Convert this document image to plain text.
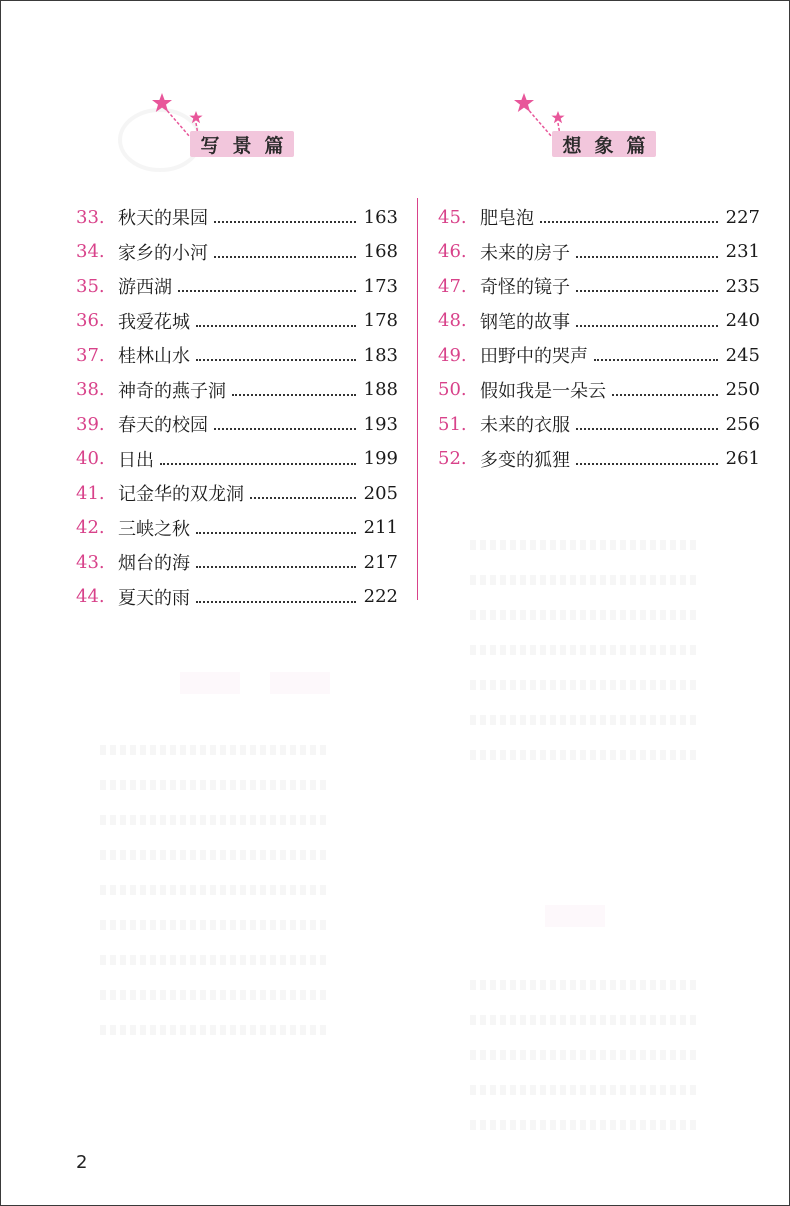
写 景 篇	想 象 篇
33. 秋天的果园	163
34. 家乡的小河	168
35. 游西湖	173
36. 我爱花城	178
37. 桂林山水	183
38. 神奇的燕子洞	188
39. 春天的校园	193
40. 日出	199
41. 记金华的双龙洞	205
42. 三峡之秋	211
43. 烟台的海	217
44. 夏天的雨	222
45. 肥皂泡	227
46. 未来的房子	231
47. 奇怪的镜子	235
48. 钢笔的故事	240
49. 田野中的哭声	245
50. 假如我是一朵云	250
51. 未来的衣服	256
52. 多变的狐狸	261
2
